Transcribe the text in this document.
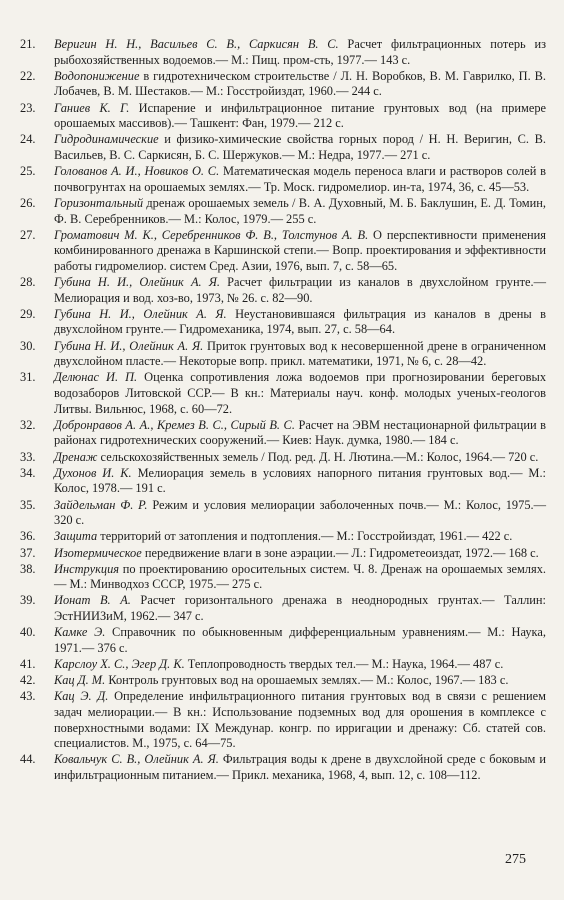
21.	Веригин Н. Н., Васильев С. В., Саркисян В. С. Расчет фильтрационных потерь из рыбохозяйственных водоемов.— М.: Пищ. пром-сть, 1977.— 143 с.
22.	Водопонижение в гидротехническом строительстве / Л. Н. Воробков, В. М. Гаврилко, П. В. Лобачев, В. М. Шестаков.— М.: Госстройиздат, 1960.— 244 с.
23.	Ганиев К. Г. Испарение и инфильтрационное питание грунтовых вод (на примере орошаемых массивов).— Ташкент: Фан, 1979.— 212 с.
24.	Гидродинамические и физико-химические свойства горных пород / Н. Н. Веригин, С. В. Васильев, В. С. Саркисян, Б. С. Шержуков.— М.: Недра, 1977.— 271 с.
25.	Голованов А. И., Новиков О. С. Математическая модель переноса влаги и растворов солей в почвогрунтах на орошаемых землях.— Тр. Моск. гидромелиор. ин-та, 1974, 36, с. 45—53.
26.	Горизонтальный дренаж орошаемых земель / В. А. Духовный, М. Б. Баклушин, Е. Д. Томин, Ф. В. Серебренников.— М.: Колос, 1979.— 255 с.
27.	Громатович М. К., Серебренников Ф. В., Толстунов А. В. О перспективности применения комбинированного дренажа в Каршинской степи.— Вопр. проектирования и эффективности работы гидромелиор. систем Сред. Азии, 1976, вып. 7, с. 58—65.
28.	Губина Н. И., Олейник А. Я. Расчет фильтрации из каналов в двухслойном грунте.— Мелиорация и вод. хоз-во, 1973, № 26. с. 82—90.
29.	Губина Н. И., Олейник А. Я. Неустановившаяся фильтрация из каналов в дрены в двухслойном грунте.— Гидромеханика, 1974, вып. 27, с. 58—64.
30.	Губина Н. И., Олейник А. Я. Приток грунтовых вод к несовершенной дрене в ограниченном двухслойном пласте.— Некоторые вопр. прикл. математики, 1971, № 6, с. 28—42.
31.	Делюнас И. П. Оценка сопротивления ложа водоемов при прогнозировании береговых водозаборов Литовской ССР.— В кн.: Материалы науч. конф. молодых ученых-геологов Литвы. Вильнюс, 1968, с. 60—72.
32.	Добронравов А. А., Кремез В. С., Сирый В. С. Расчет на ЭВМ нестационарной фильтрации в районах гидротехнических сооружений.— Киев: Наук. думка, 1980.— 184 с.
33.	Дренаж сельскохозяйственных земель / Под. ред. Д. Н. Лютина.—М.: Колос, 1964.— 720 с.
34.	Духонов И. К. Мелиорация земель в условиях напорного питания грунтовых вод.— М.: Колос, 1978.— 191 с.
35.	Зайдельман Ф. Р. Режим и условия мелиорации заболоченных почв.— М.: Колос, 1975.— 320 с.
36.	Защита территорий от затопления и подтопления.— М.: Госстройиздат, 1961.— 422 с.
37.	Изотермическое передвижение влаги в зоне аэрации.— Л.: Гидрометеоиздат, 1972.— 168 с.
38.	Инструкция по проектированию оросительных систем. Ч. 8. Дренаж на орошаемых землях.— М.: Минводхоз СССР, 1975.— 275 с.
39.	Ионат В. А. Расчет горизонтального дренажа в неоднородных грунтах.— Таллин: ЭстНИИЗиМ, 1962.— 347 с.
40.	Камке Э. Справочник по обыкновенным дифференциальным уравнениям.— М.: Наука, 1971.— 376 с.
41.	Карслоу Х. С., Эгер Д. К. Теплопроводность твердых тел.— М.: Наука, 1964.— 487 с.
42.	Кац Д. М. Контроль грунтовых вод на орошаемых землях.— М.: Колос, 1967.— 183 с.
43.	Кац Э. Д. Определение инфильтрационного питания грунтовых вод в связи с решением задач мелиорации.— В кн.: Использование подземных вод для орошения в комплексе с поверхностными водами: IX Междунар. конгр. по ирригации и дренажу: Сб. статей сов. специалистов. М., 1975, с. 64—75.
44.	Ковальчук С. В., Олейник А. Я. Фильтрация воды к дрене в двухслойной среде с боковым и инфильтрационным питанием.— Прикл. механика, 1968, 4, вып. 12, с. 108—112.
275
